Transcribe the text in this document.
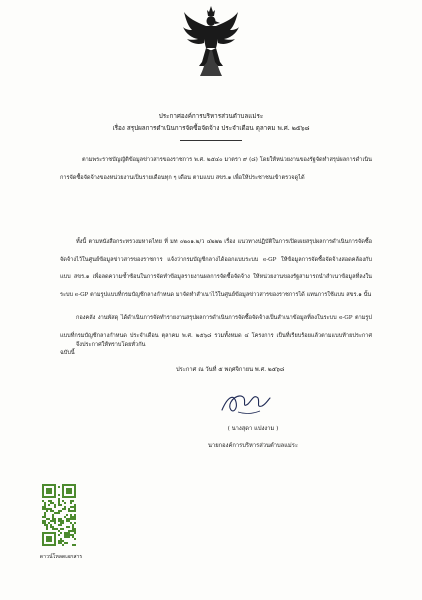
ประกาศองค์การบริหารส่วนตำบลแม่ระ
เรื่อง สรุปผลการดำเนินการจัดซื้อจัดจ้าง ประจำเดือน ตุลาคม พ.ศ. ๒๕๖๘
ตามพระราชบัญญัติข้อมูลข่าวสารของราชการ พ.ศ. ๒๕๔๐ มาตรา ๙ (๘) โดยให้หน่วยงานของรัฐจัดทำสรุปผลการดำเนินการจัดซื้อจัดจ้างของหน่วยงานเป็นรายเดือนทุก ๆ เดือน ตามแบบ สขร.๑ เพื่อให้ประชาชนเข้าตรวจดูได้
ทั้งนี้ ตามหนังสือกระทรวงมหาดไทย ที่ มท ๐๒๐๑.๒/ว ๔๒๒๒ เรื่อง แนวทางปฏิบัติในการเปิดเผยสรุปผลการดำเนินการจัดซื้อจัดจ้างไว้ในศูนย์ข้อมูลข่าวสารของราชการ แจ้งว่ากรมบัญชีกลางได้ออกแบบระบบ e-GP ให้ข้อมูลการจัดซื้อจัดจ้างสอดคล้องกับแบบ สขร.๑ เพื่อลดความซ้ำซ้อนในการจัดทำข้อมูลรายงานผลการจัดซื้อจัดจ้าง ให้หน่วยงานของรัฐสามารถนำสำเนาข้อมูลที่ลงในระบบ e-GP ตามรูปแบบที่กรมบัญชีกลางกำหนด มาจัดทำสำเนาไว้ในศูนย์ข้อมูลข่าวสารของราชการได้ แทนการใช้แบบ สขร.๑ นั้น
กองคลัง งานพัสดุ ได้ดำเนินการจัดทำรายงานสรุปผลการดำเนินการจัดซื้อจัดจ้างเป็นสำเนาข้อมูลที่ลงในระบบ e-GP ตามรูปแบบที่กรมบัญชีกลางกำหนด ประจำเดือน ตุลาคม พ.ศ. ๒๕๖๘ รวมทั้งหมด ๔ โครงการ เป็นที่เรียบร้อยแล้วตามแบบท้ายประกาศฉบับนี้
จึงประกาศให้ทราบโดยทั่วกัน
ประกาศ ณ วันที่ ๕ พฤศจิกายน พ.ศ. ๒๕๖๘
( นางสุดา แปงงาม )
นายกองค์การบริหารส่วนตำบลแม่ระ
ดาวน์โหลดเอกสาร
